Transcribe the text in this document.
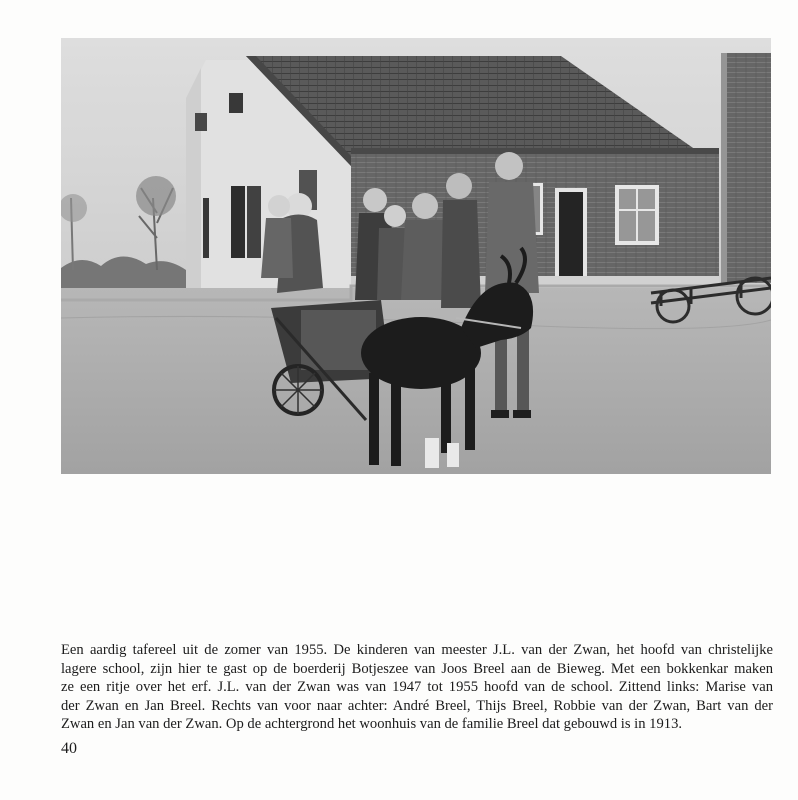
Een aardig tafereel uit de zomer van 1955. De kinderen van meester J.L. van der Zwan, het hoofd van christelijke
lagere school, zijn hier te gast op de boerderij Botjeszee van Joos Breel aan de Bieweg. Met een bokkenkar maken
ze een ritje over het erf. J.L. van der Zwan was van 1947 tot 1955 hoofd van de school. Zittend links: Marise van
der Zwan en Jan Breel. Rechts van voor naar achter: André Breel, Thijs Breel, Robbie van der Zwan, Bart van der
Zwan en Jan van der Zwan. Op de achtergrond het woonhuis van de familie Breel dat gebouwd is in 1913.

40
